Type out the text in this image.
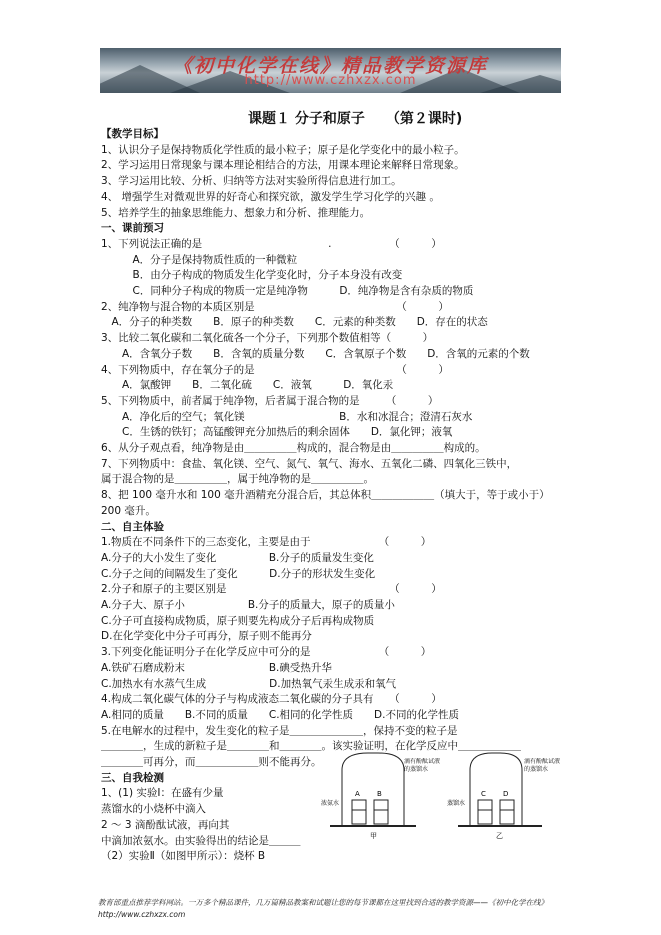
《初中化学在线》精品教学资源库
http://www.czhxzx.com
课题１ 分子和原子　　（第２课时)
【教学目标】
1、认识分子是保持物质化学性质的最小粒子；原子是化学变化中的最小粒子。
2、学习运用日常现象与课本理论相结合的方法，用课本理论来解释日常现象。
3、学习运用比较、分析、归纳等方法对实验所得信息进行加工。
4、 增强学生对微观世界的好奇心和探究欲，激发学生学习化学的兴趣 。
5、培养学生的抽象思维能力、想象力和分析、推理能力。
一、课前预习
1、下列说法正确的是　　　　　　　　　　　　.　　　　　　（　　　）
　　　A．分子是保持物质性质的一种微粒
　　　B．由分子构成的物质发生化学变化时，分子本身没有改变
　　　C．同种分子构成的物质一定是纯净物　　　D．纯净物是含有杂质的物质
2、纯净物与混合物的本质区别是　　　　　　　　　　　　　　（　　　）
　A．分子的种类数　　B．原子的种类数　　C．元素的种类数　　D．存在的状态
3、比较二氧化碳和二氧化硫各一个分子，下列那个数值相等（　　　）
　　A．含氧分子数　　B．含氧的质量分数　　C．含氧原子个数　　D．含氧的元素的个数
4、下列物质中，存在氧分子的是　　　　　　　　　　　　　　（　　　）
　　A．氯酸钾　　B．二氧化硫　　C．液氧　　　D．氧化汞
5、下列物质中，前者属于纯净物，后者属于混合物的是　　　（　　　）
　　A．净化后的空气；氧化镁　　　　　　　　　B．水和冰混合；澄清石灰水
　　C．生锈的铁钉；高锰酸钾充分加热后的剩余固体　　D．氯化钾；液氧
6、从分子观点看，纯净物是由＿＿＿＿＿构成的，混合物是由＿＿＿＿＿构成的。
7、下列物质中：食盐、氧化镁、空气、氮气、氧气、海水、五氧化二磷、四氧化三铁中，
属于混合物的是＿＿＿＿＿，属于纯净物的是＿＿＿＿＿。
8、把 100 毫升水和 100 毫升酒精充分混合后，其总体积＿＿＿＿＿＿（填大于，等于或小于）
200 毫升。
二、自主体验
1.物质在不同条件下的三态变化，主要是由于　　　　　　　（　　　）
A.分子的大小发生了变化　　　　　B.分子的质量发生变化
C.分子之间的间隔发生了变化　　　D.分子的形状发生变化
2.分子和原子的主要区别是　　　　　　　　　　　　　　　　（　　　）
A.分子大、原子小　　　　　　B.分子的质量大，原子的质量小
C.分子可直接构成物质，原子则要先构成分子后再构成物质
D.在化学变化中分子可再分，原子则不能再分
3.下列变化能证明分子在化学反应中可分的是　　　　　　　（　　　）
A.铁矿石磨成粉末　　　　　　　　B.碘受热升华
C.加热水有水蒸气生成　　　　　　D.加热氧气汞生成汞和氧气
4.构成二氧化碳气体的分子与构成液态二氧化碳的分子具有　　（　　　）
A.相同的质量　　B.不同的质量　　C.相同的化学性质　　D.不同的化学性质
5.在电解水的过程中，发生变化的粒子是＿＿＿＿＿＿＿，保持不变的粒子是
＿＿＿＿，生成的新粒子是＿＿＿＿和＿＿＿＿。该实验证明，在化学反应中＿＿＿＿＿＿
＿＿＿＿可再分，而＿＿＿＿＿＿则不能再分。
三、自我检测
1、(1) 实验Ⅰ：在盛有少量
蒸馏水的小烧杯中滴入
2 ～ 3 滴酚酞试液，再向其
中滴加浓氨水。由实验得出的结论是＿＿＿
（2）实验Ⅱ（如图甲所示）：烧杯 B
A B
浓氨水
滴有酚酞试液的蒸馏水
甲
C D
蒸馏水
滴有酚酞试液的蒸馏水
乙
教育部重点推荐学科网站。一万多个精品课件，几万篇精品教案和试题让您的每节课都在这里找到合适的教学资源——《初中化学在线》http://www.czhxzx.com
